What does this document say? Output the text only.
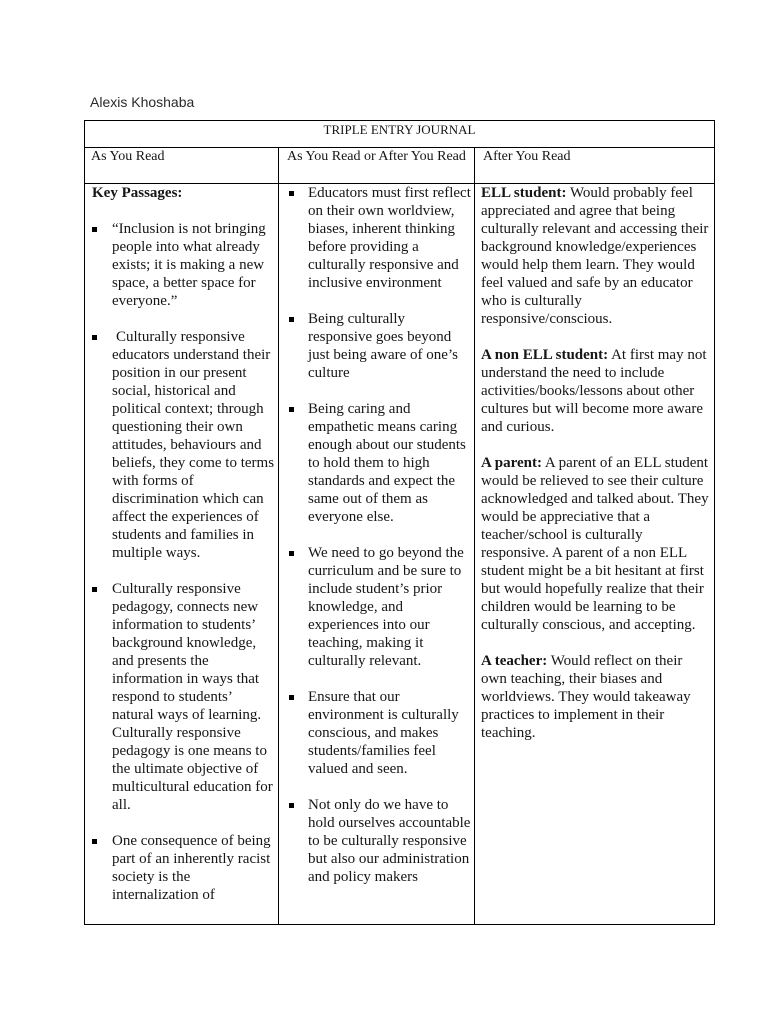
Alexis Khoshaba
TRIPLE ENTRY JOURNAL
As You Read	As You Read or After You Read	After You Read
Key Passages:
“Inclusion is not bringing people into what already exists; it is making a new space, a better space for everyone.”
Culturally responsive educators understand their position in our present social, historical and political context; through questioning their own attitudes, behaviours and beliefs, they come to terms with forms of discrimination which can affect the experiences of students and families in multiple ways.
Culturally responsive pedagogy, connects new information to students’ background knowledge, and presents the information in ways that respond to students’ natural ways of learning. Culturally responsive pedagogy is one means to the ultimate objective of multicultural education for all.
One consequence of being part of an inherently racist society is the internalization of
Educators must first reflect on their own worldview, biases, inherent thinking before providing a culturally responsive and inclusive environment
Being culturally responsive goes beyond just being aware of one’s culture
Being caring and empathetic means caring enough about our students to hold them to high standards and expect the same out of them as everyone else.
We need to go beyond the curriculum and be sure to include student’s prior knowledge, and experiences into our teaching, making it culturally relevant.
Ensure that our environment is culturally conscious, and makes students/families feel valued and seen.
Not only do we have to hold ourselves accountable to be culturally responsive but also our administration and policy makers
ELL student: Would probably feel appreciated and agree that being culturally relevant and accessing their background knowledge/experiences would help them learn. They would feel valued and safe by an educator who is culturally responsive/conscious.
A non ELL student: At first may not understand the need to include activities/books/lessons about other cultures but will become more aware and curious.
A parent: A parent of an ELL student would be relieved to see their culture acknowledged and talked about. They would be appreciative that a teacher/school is culturally responsive. A parent of a non ELL student might be a bit hesitant at first but would hopefully realize that their children would be learning to be culturally conscious, and accepting.
A teacher: Would reflect on their own teaching, their biases and worldviews. They would takeaway practices to implement in their teaching.
